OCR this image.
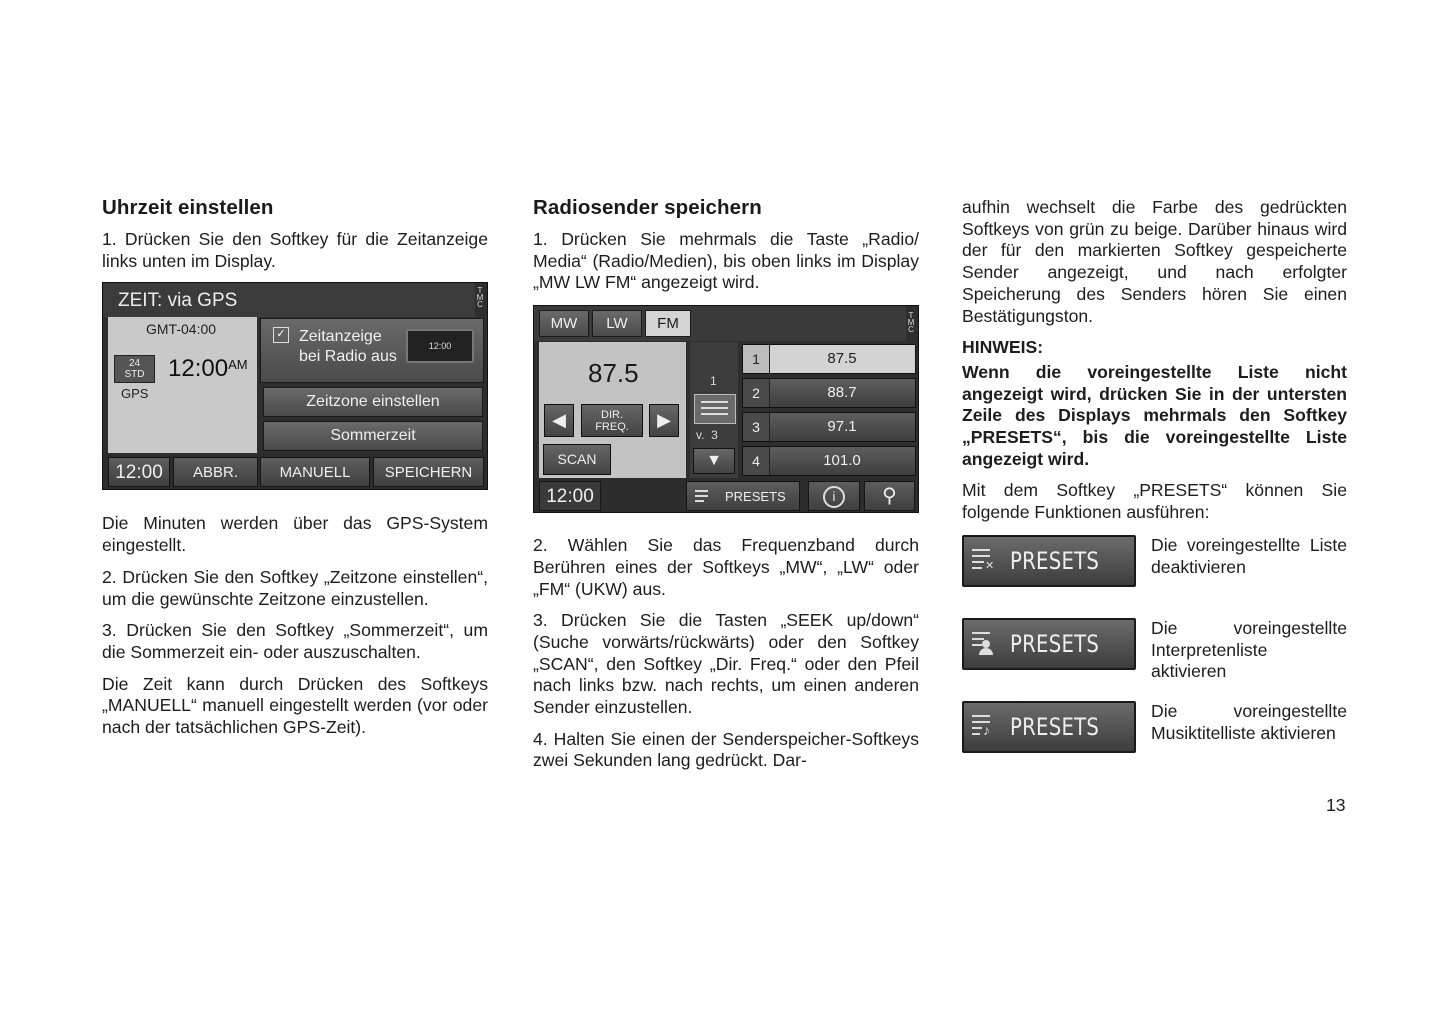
Uhrzeit einstellen

1. Drücken Sie den Softkey für die Zeitanzeige links unten im Display.

ZEIT: via GPS	T
M
C
GMT-04:00
24
STD $12:00^{AM}$
GPS
✓ Zeitanzeige
bei Radio aus
12:00
Zeitzone einstellen
Sommerzeit
12:00	ABBR.	MANUELL	SPEICHERN

Die Minuten werden über das GPS-System eingestellt.

2. Drücken Sie den Softkey „Zeitzone einstellen“, um die gewünschte Zeitzone einzustellen.

3. Drücken Sie den Softkey „Sommerzeit“, um die Sommerzeit ein- oder auszuschalten.

Die Zeit kann durch Drücken des Softkeys „MANUELL“ manuell eingestellt werden (vor oder nach der tatsächlichen GPS-Zeit).

Radiosender speichern

1. Drücken Sie mehrmals die Taste „Radio/ Media“ (Radio/Medien), bis oben links im Display „MW LW FM“ angezeigt wird.

MW	LW	FM	T
M
C
87.5
◀	DIR.
FREQ.	▶
SCAN
1
v. 3
▼
1	87.5
2	88.7
3	97.1
4	101.0
12:00	PRESETS	i	⚲

2. Wählen Sie das Frequenzband durch Berühren eines der Softkeys „MW“, „LW“ oder „FM“ (UKW) aus.

3. Drücken Sie die Tasten „SEEK up/down“ (Suche vorwärts/rückwärts) oder den Softkey „SCAN“, den Softkey „Dir. Freq.“ oder den Pfeil nach links bzw. nach rechts, um einen anderen Sender einzustellen.

4. Halten Sie einen der Senderspeicher-Softkeys zwei Sekunden lang gedrückt. Dar-

aufhin wechselt die Farbe des gedrückten Softkeys von grün zu beige. Darüber hinaus wird der für den markierten Softkey gespeicherte Sender angezeigt, und nach erfolgter Speicherung des Senders hören Sie einen Bestätigungston.

HINWEIS:

Wenn die voreingestellte Liste nicht angezeigt wird, drücken Sie in der untersten Zeile des Displays mehrmals den Softkey „PRESETS“, bis die voreingestellte Liste angezeigt wird.

Mit dem Softkey „PRESETS“ können Sie folgende Funktionen ausführen:

✕ PRESETS

Die voreingestellte Liste deaktivieren

PRESETS

Die voreingestellte Interpretenliste aktivieren

♪ PRESETS

Die voreingestellte Musiktitelliste aktivieren

13
